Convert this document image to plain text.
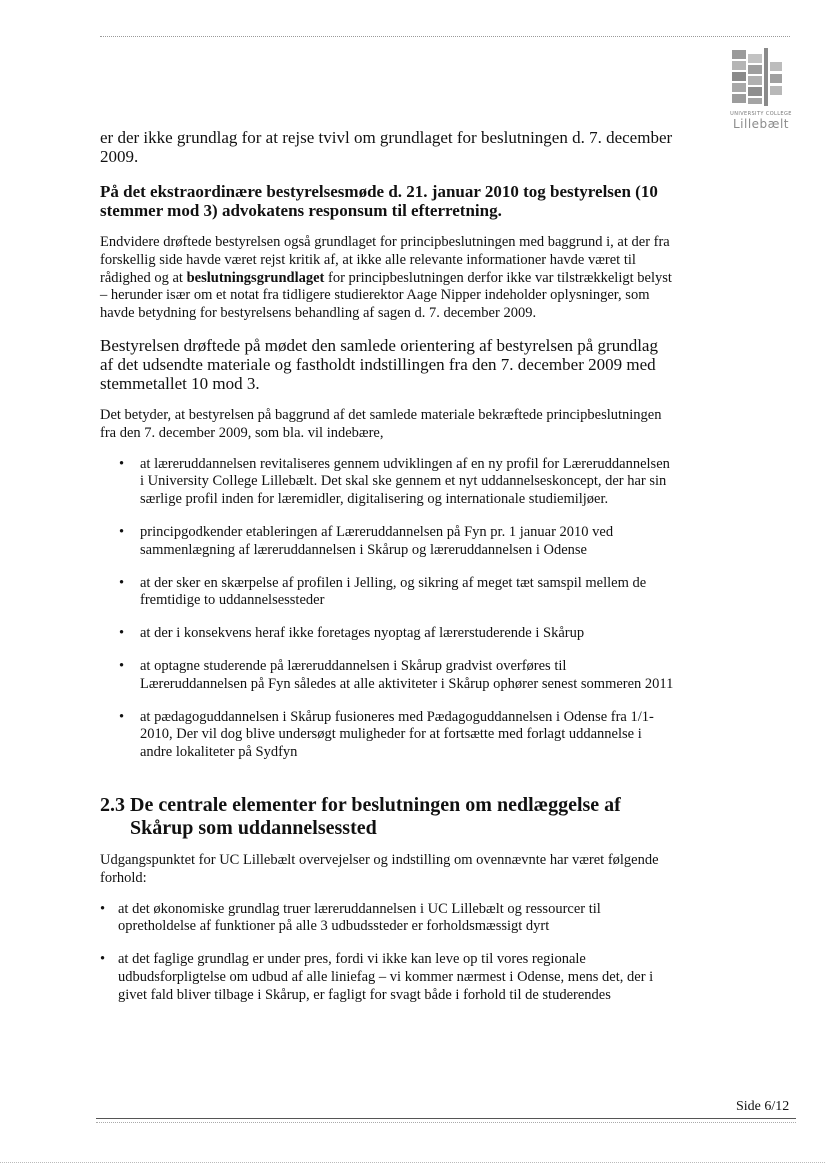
UNIVERSITY COLLEGE
Lillebælt

er der ikke grundlag for at rejse tvivl om grundlaget for beslutningen d. 7. december 2009.

På det ekstraordinære bestyrelsesmøde d. 21. januar 2010 tog bestyrelsen (10 stemmer mod 3) advokatens responsum til efterretning.

Endvidere drøftede bestyrelsen også grundlaget for principbeslutningen med baggrund i, at der fra forskellig side havde været rejst kritik af, at ikke alle relevante informationer havde været til rådighed og at beslutningsgrundlaget for principbeslutningen derfor ikke var tilstrækkeligt belyst – herunder især om et notat fra tidligere studierektor Aage Nipper indeholder oplysninger, som havde betydning for bestyrelsens behandling af sagen d. 7. december 2009.

Bestyrelsen drøftede på mødet den samlede orientering af bestyrelsen på grundlag af det udsendte materiale og fastholdt indstillingen fra den 7. december 2009 med stemmetallet 10 mod 3.

Det betyder, at bestyrelsen på baggrund af det samlede materiale bekræftede principbeslutningen fra den 7. december 2009, som bla. vil indebære,

• at læreruddannelsen revitaliseres gennem udviklingen af en ny profil for Læreruddannelsen i University College Lillebælt. Det skal ske gennem et nyt uddannelseskoncept, der har sin særlige profil inden for læremidler, digitalisering og internationale studiemiljøer.
• principgodkender etableringen af Læreruddannelsen på Fyn pr. 1 januar 2010 ved sammenlægning af læreruddannelsen i Skårup og læreruddannelsen i Odense
• at der sker en skærpelse af profilen i Jelling, og sikring af meget tæt samspil mellem de fremtidige to uddannelsessteder
• at der i konsekvens heraf ikke foretages nyoptag af lærerstuderende i Skårup
• at optagne studerende på læreruddannelsen i Skårup gradvist overføres til Læreruddannelsen på Fyn således at alle aktiviteter i Skårup ophører senest sommeren 2011
• at pædagoguddannelsen i Skårup fusioneres med Pædagoguddannelsen i Odense fra 1/1-2010, Der vil dog blive undersøgt muligheder for at fortsætte med forlagt uddannelse i andre lokaliteter på Sydfyn
2.3 De centrale elementer for beslutningen om nedlæggelse af Skårup som uddannelsessted

Udgangspunktet for UC Lillebælt overvejelser og indstilling om ovennævnte har været følgende forhold:

• at det økonomiske grundlag truer læreruddannelsen i UC Lillebælt og ressourcer til opretholdelse af funktioner på alle 3 udbudssteder er forholdsmæssigt dyrt
• at det faglige grundlag er under pres, fordi vi ikke kan leve op til vores regionale udbudsforpligtelse om udbud af alle liniefag – vi kommer nærmest i Odense, mens det, der i givet fald bliver tilbage i Skårup, er fagligt for svagt både i forhold til de studerendes
Side 6/12
